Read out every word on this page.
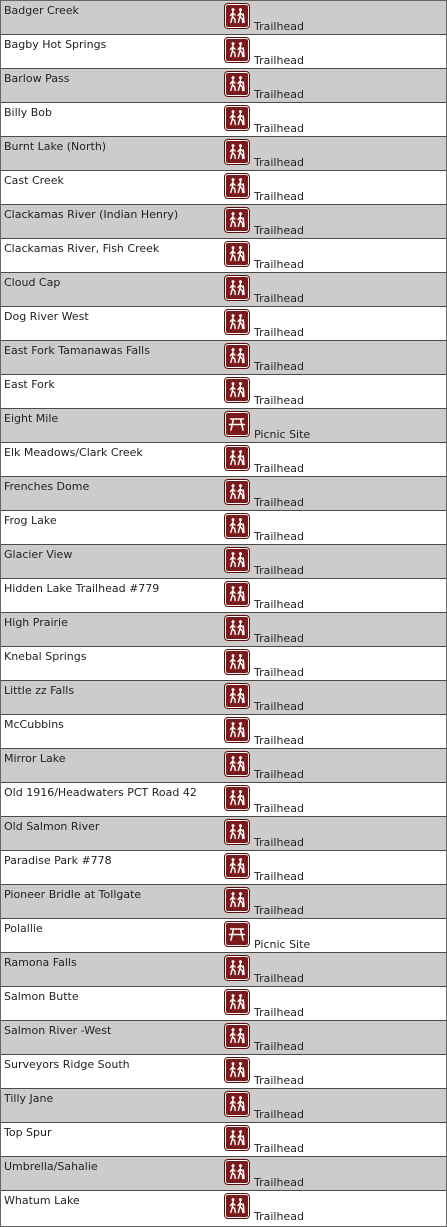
Badger Creek
Trailhead
Bagby Hot Springs
Trailhead
Barlow Pass
Trailhead
Billy Bob
Trailhead
Burnt Lake (North)
Trailhead
Cast Creek
Trailhead
Clackamas River (Indian Henry)
Trailhead
Clackamas River, Fish Creek
Trailhead
Cloud Cap
Trailhead
Dog River West
Trailhead
East Fork Tamanawas Falls
Trailhead
East Fork
Trailhead
Eight Mile
Picnic Site
Elk Meadows/Clark Creek
Trailhead
Frenches Dome
Trailhead
Frog Lake
Trailhead
Glacier View
Trailhead
Hidden Lake Trailhead #779
Trailhead
High Prairie
Trailhead
Knebal Springs
Trailhead
Little zz Falls
Trailhead
McCubbins
Trailhead
Mirror Lake
Trailhead
Old 1916/Headwaters PCT Road 42
Trailhead
Old Salmon River
Trailhead
Paradise Park #778
Trailhead
Pioneer Bridle at Tollgate
Trailhead
Polallie
Picnic Site
Ramona Falls
Trailhead
Salmon Butte
Trailhead
Salmon River -West
Trailhead
Surveyors Ridge South
Trailhead
Tilly Jane
Trailhead
Top Spur
Trailhead
Umbrella/Sahalie
Trailhead
Whatum Lake
Trailhead
